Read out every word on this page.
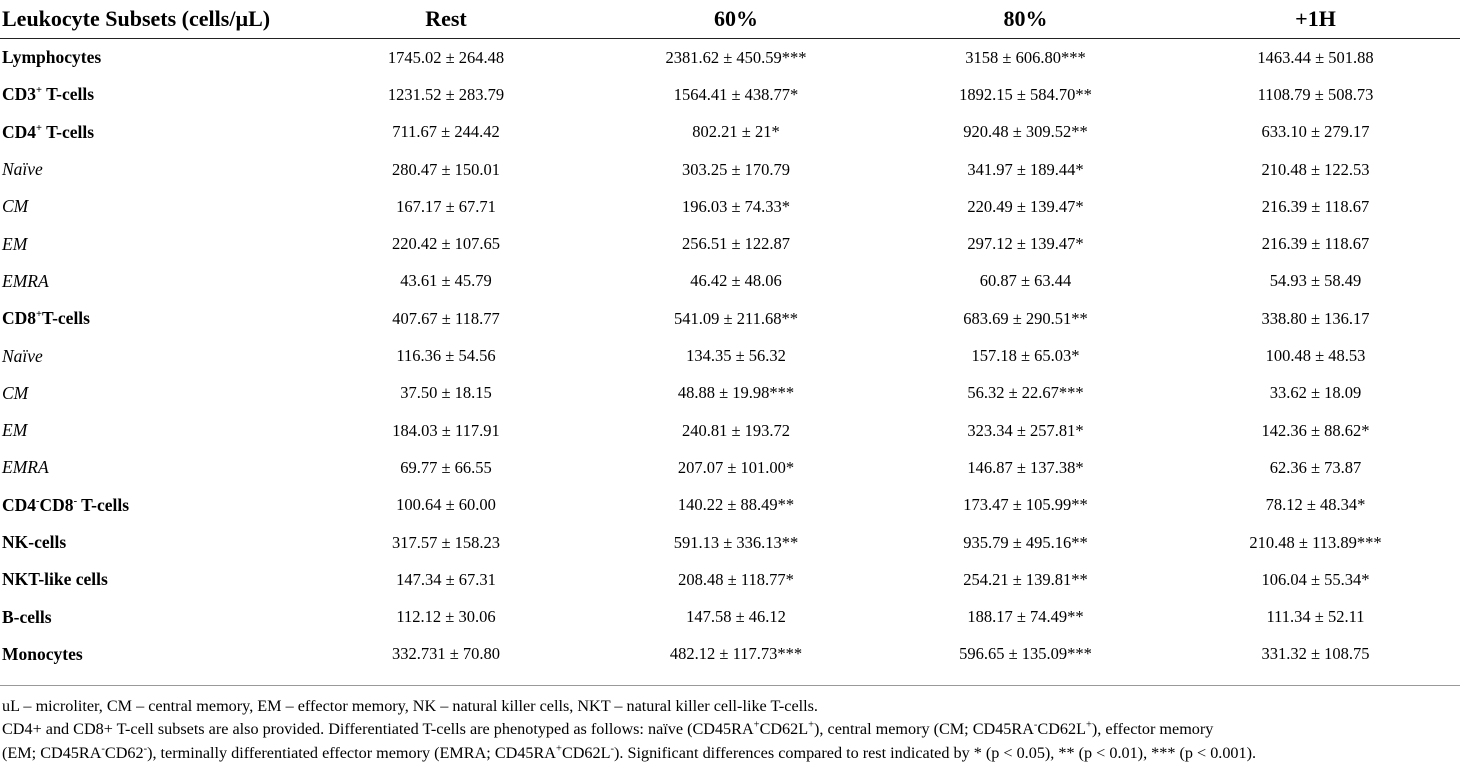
Leukocyte Subsets (cells/µL)	Rest	60%	80%	+1H
Lymphocytes	1745.02 ± 264.48	2381.62 ± 450.59***	3158 ± 606.80***	1463.44 ± 501.88
CD3+ T-cells	1231.52 ± 283.79	1564.41 ± 438.77*	1892.15 ± 584.70**	1108.79 ± 508.73
CD4+ T-cells	711.67 ± 244.42	802.21 ± 21*	920.48 ± 309.52**	633.10 ± 279.17
Naïve	280.47 ± 150.01	303.25 ± 170.79	341.97 ± 189.44*	210.48 ± 122.53
CM	167.17 ± 67.71	196.03 ± 74.33*	220.49 ± 139.47*	216.39 ± 118.67
EM	220.42 ± 107.65	256.51 ± 122.87	297.12 ± 139.47*	216.39 ± 118.67
EMRA	43.61 ± 45.79	46.42 ± 48.06	60.87 ± 63.44	54.93 ± 58.49
CD8+T-cells	407.67 ± 118.77	541.09 ± 211.68**	683.69 ± 290.51**	338.80 ± 136.17
Naïve	116.36 ± 54.56	134.35 ± 56.32	157.18 ± 65.03*	100.48 ± 48.53
CM	37.50 ± 18.15	48.88 ± 19.98***	56.32 ± 22.67***	33.62 ± 18.09
EM	184.03 ± 117.91	240.81 ± 193.72	323.34 ± 257.81*	142.36 ± 88.62*
EMRA	69.77 ± 66.55	207.07 ± 101.00*	146.87 ± 137.38*	62.36 ± 73.87
CD4-CD8- T-cells	100.64 ± 60.00	140.22 ± 88.49**	173.47 ± 105.99**	78.12 ± 48.34*
NK-cells	317.57 ± 158.23	591.13 ± 336.13**	935.79 ± 495.16**	210.48 ± 113.89***
NKT-like cells	147.34 ± 67.31	208.48 ± 118.77*	254.21 ± 139.81**	106.04 ± 55.34*
B-cells	112.12 ± 30.06	147.58 ± 46.12	188.17 ± 74.49**	111.34 ± 52.11
Monocytes	332.731 ± 70.80	482.12 ± 117.73***	596.65 ± 135.09***	331.32 ± 108.75

uL – microliter, CM – central memory, EM – effector memory, NK – natural killer cells, NKT – natural killer cell-like T-cells.

CD4+ and CD8+ T-cell subsets are also provided. Differentiated T-cells are phenotyped as follows: naïve (CD45RA+CD62L+), central memory (CM; CD45RA-CD62L+), effector memory

(EM; CD45RA-CD62-), terminally differentiated effector memory (EMRA; CD45RA+CD62L-). Significant differences compared to rest indicated by * (p < 0.05), ** (p < 0.01), *** (p < 0.001).
